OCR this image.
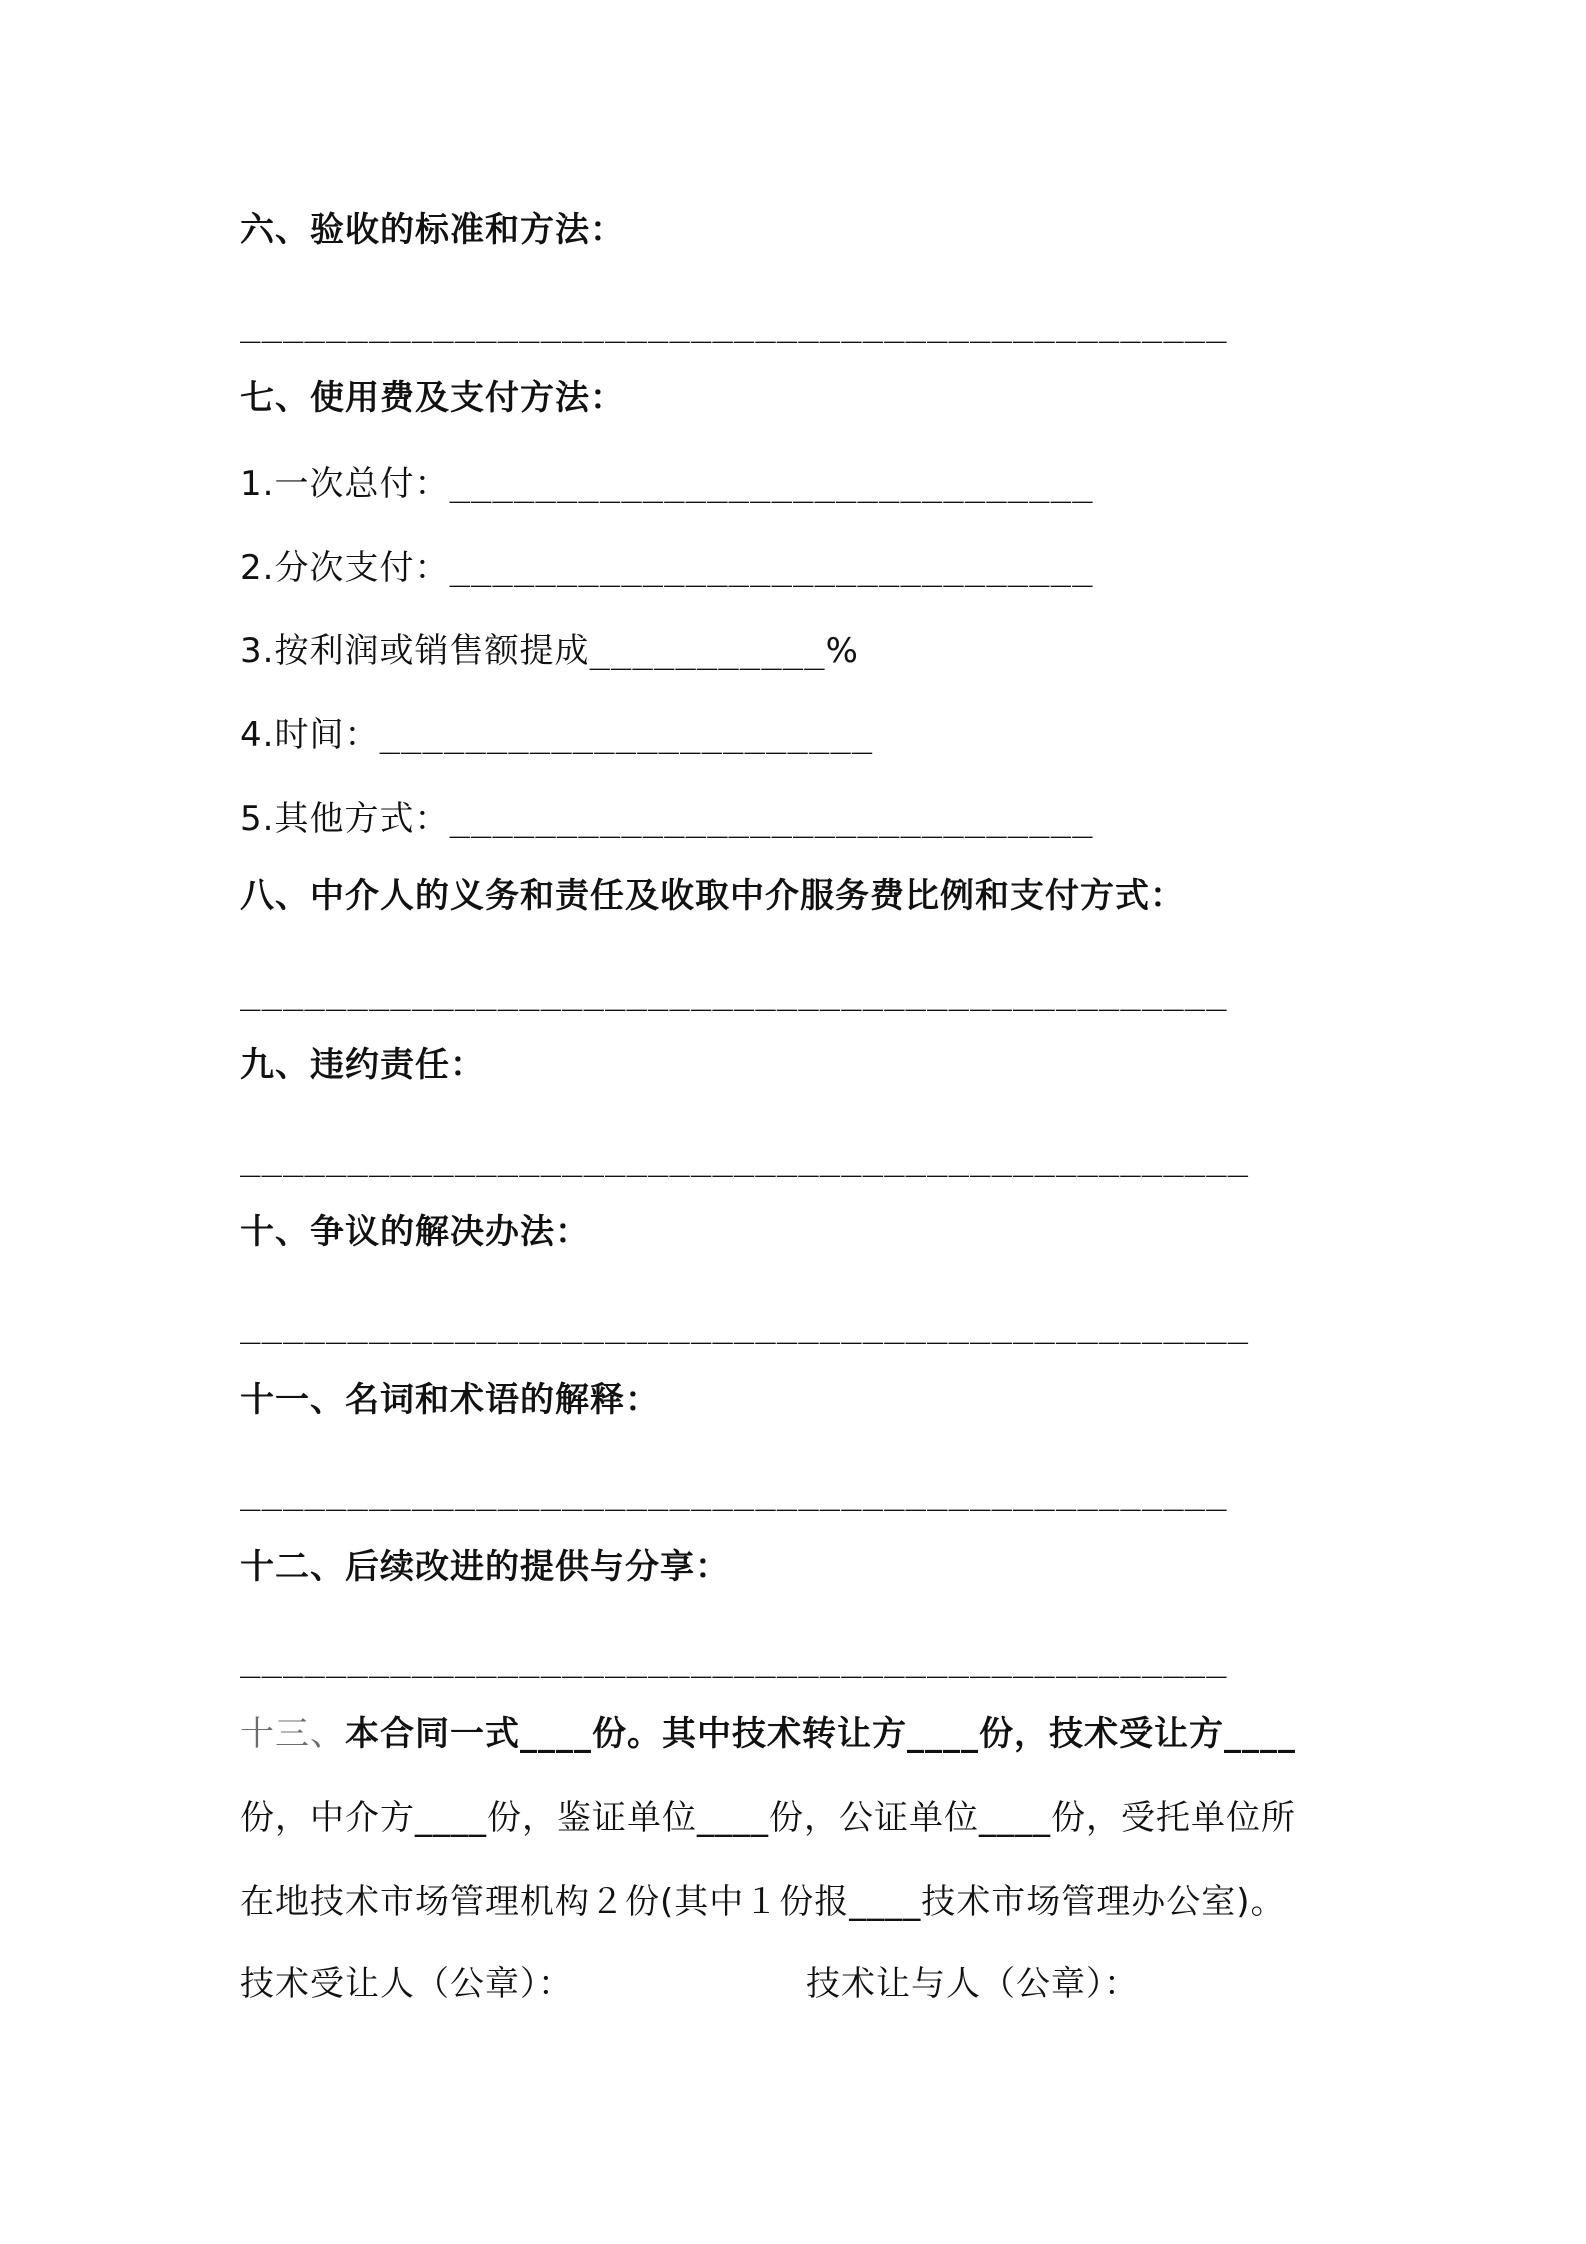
六、验收的标准和方法：
______________________________________________
七、使用费及支付方法：
1.一次总付：______________________________
2.分次支付：______________________________
3.按利润或销售额提成___________%
4.时间：_______________________
5.其他方式：______________________________
八、中介人的义务和责任及收取中介服务费比例和支付方式：
______________________________________________
九、违约责任：
_______________________________________________
十、争议的解决办法：
_______________________________________________
十一、名词和术语的解释：
______________________________________________
十二、后续改进的提供与分享：
______________________________________________
十三、本合同一式____份。其中技术转让方____份，技术受让方____
份，中介方____份，鉴证单位____份，公证单位____份，受托单位所
在地技术市场管理机构２份(其中１份报____技术市场管理办公室)。
技术受让人（公章）：	技术让与人（公章）：
